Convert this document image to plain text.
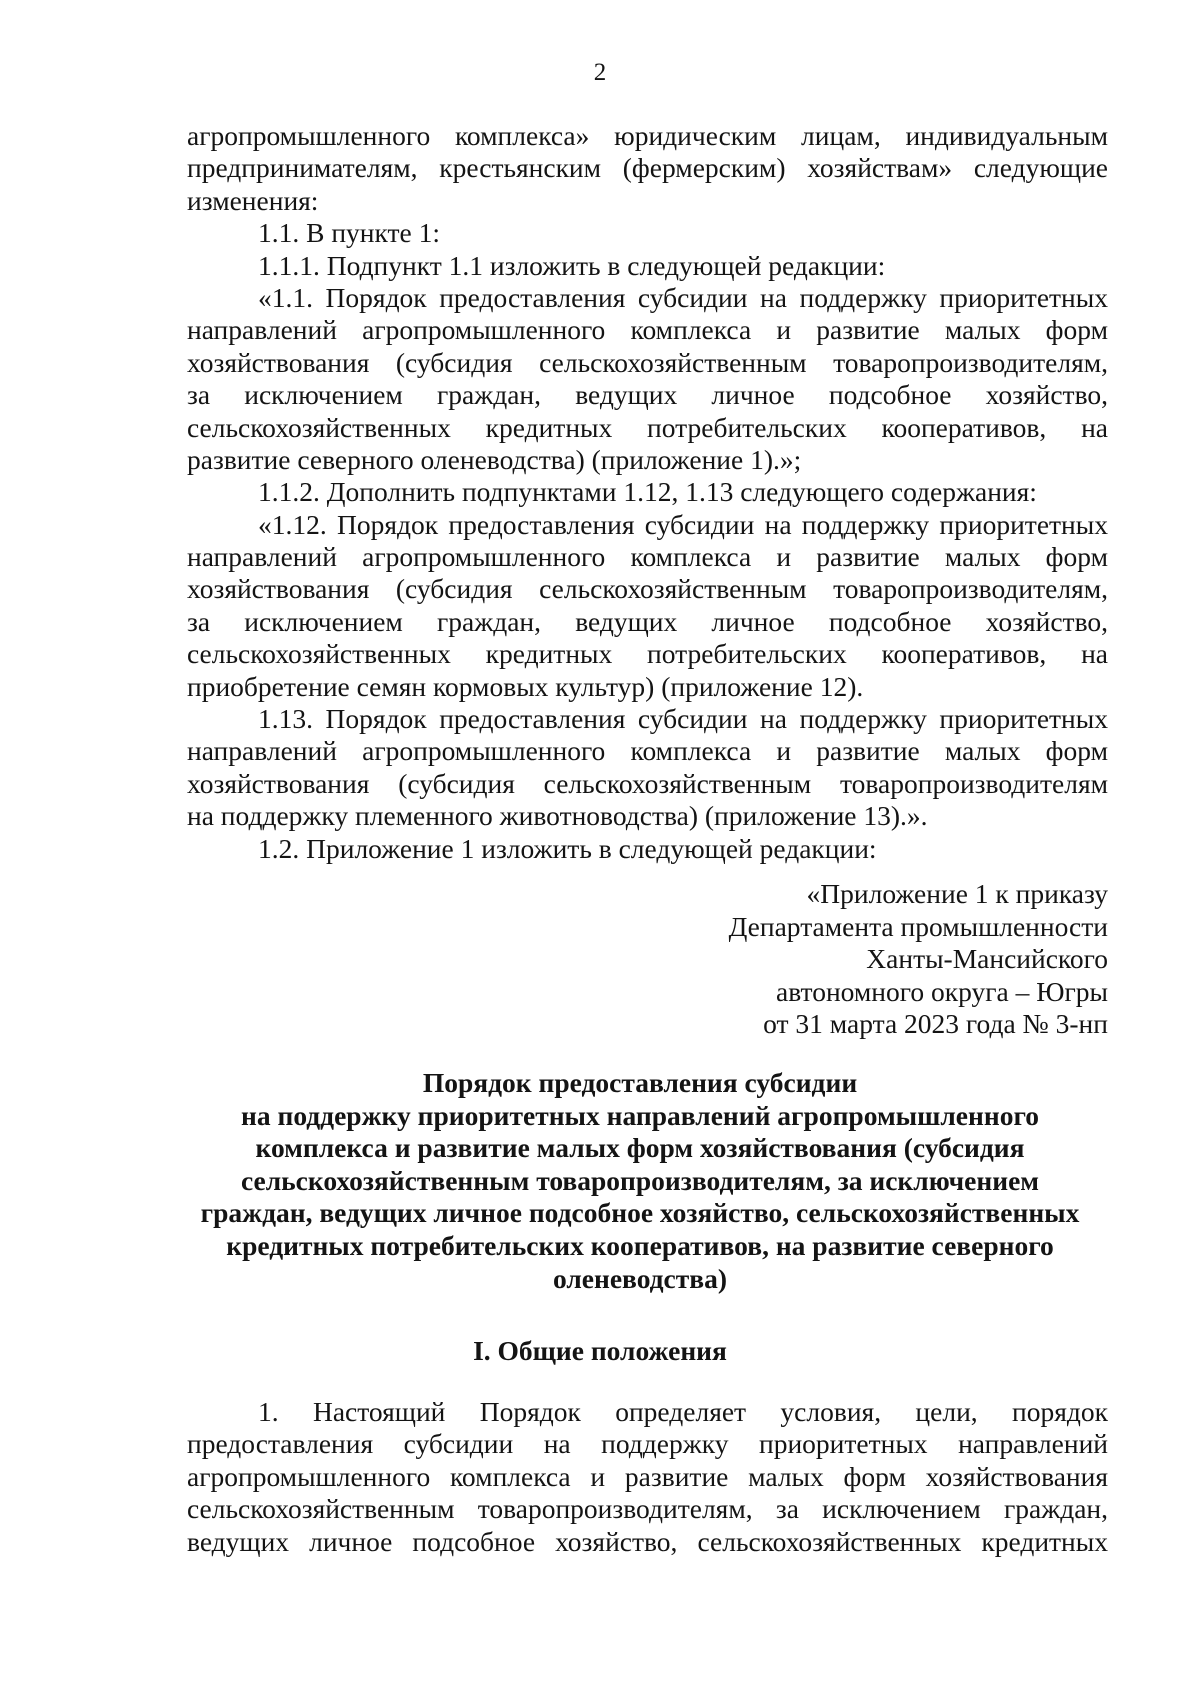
2
агропромышленного комплекса» юридическим лицам, индивидуальным
предпринимателям, крестьянским (фермерским) хозяйствам» следующие
изменения:
1.1. В пункте 1:
1.1.1. Подпункт 1.1 изложить в следующей редакции:
«1.1. Порядок предоставления субсидии на поддержку приоритетных
направлений агропромышленного комплекса и развитие малых форм
хозяйствования (субсидия сельскохозяйственным товаропроизводителям,
за исключением граждан, ведущих личное подсобное хозяйство,
сельскохозяйственных кредитных потребительских кооперативов, на
развитие северного оленеводства) (приложение 1).»;
1.1.2. Дополнить подпунктами 1.12, 1.13 следующего содержания:
«1.12. Порядок предоставления субсидии на поддержку приоритетных
направлений агропромышленного комплекса и развитие малых форм
хозяйствования (субсидия сельскохозяйственным товаропроизводителям,
за исключением граждан, ведущих личное подсобное хозяйство,
сельскохозяйственных кредитных потребительских кооперативов, на
приобретение семян кормовых культур) (приложение 12).
1.13. Порядок предоставления субсидии на поддержку приоритетных
направлений агропромышленного комплекса и развитие малых форм
хозяйствования (субсидия сельскохозяйственным товаропроизводителям
на поддержку племенного животноводства) (приложение 13).».
1.2. Приложение 1 изложить в следующей редакции:
«Приложение 1 к приказу
Департамента промышленности
Ханты-Мансийского
автономного округа – Югры
от 31 марта 2023 года № 3-нп
Порядок предоставления субсидии
на поддержку приоритетных направлений агропромышленного
комплекса и развитие малых форм хозяйствования (субсидия
сельскохозяйственным товаропроизводителям, за исключением
граждан, ведущих личное подсобное хозяйство, сельскохозяйственных
кредитных потребительских кооперативов, на развитие северного
оленеводства)
I. Общие положения
1. Настоящий Порядок определяет условия, цели, порядок
предоставления субсидии на поддержку приоритетных направлений
агропромышленного комплекса и развитие малых форм хозяйствования
сельскохозяйственным товаропроизводителям, за исключением граждан,
ведущих личное подсобное хозяйство, сельскохозяйственных кредитных
